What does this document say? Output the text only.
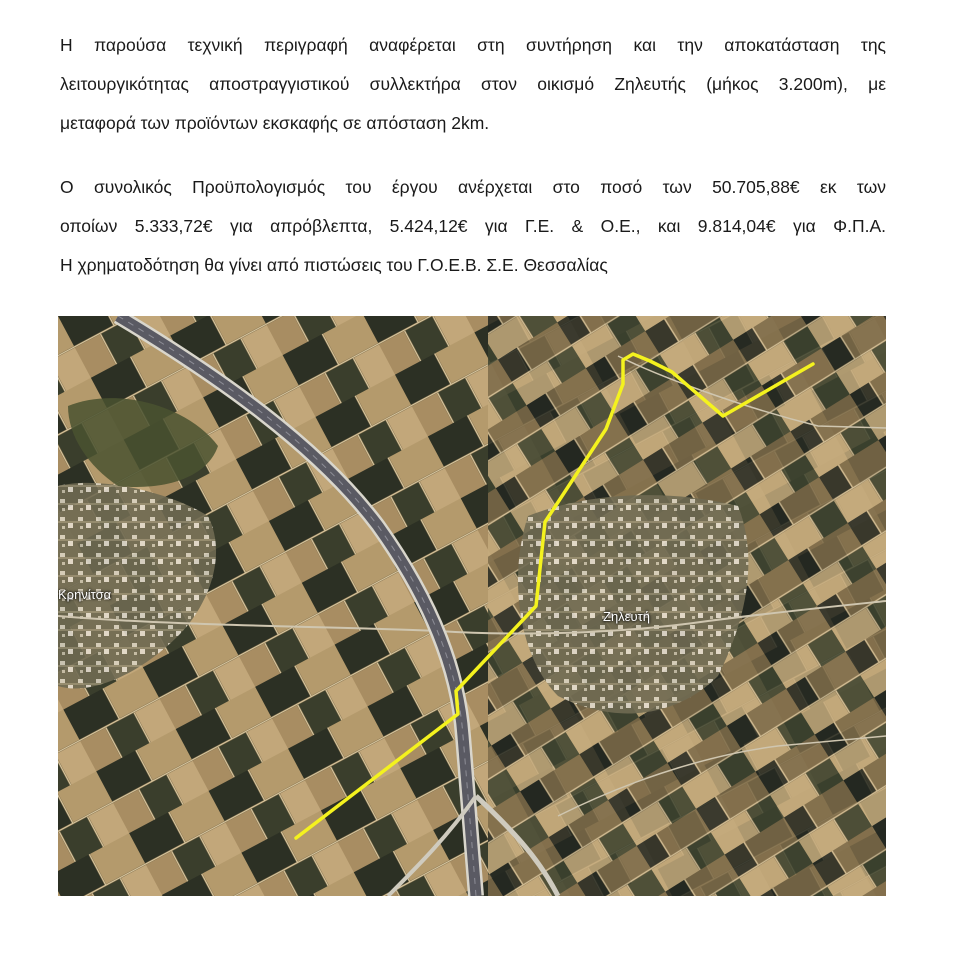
Η παρούσα τεχνική περιγραφή αναφέρεται στη συντήρηση και την αποκατάσταση της
λειτουργικότητας αποστραγγιστικού συλλεκτήρα στον οικισμό Ζηλευτής (μήκος 3.200m), με
μεταφορά των προϊόντων εκσκαφής σε απόσταση 2km.

Ο συνολικός Προϋπολογισμός του έργου ανέρχεται στο ποσό των 50.705,88€ εκ των
οποίων 5.333,72€ για απρόβλεπτα, 5.424,12€ για Γ.Ε. & Ο.Ε., και 9.814,04€ για Φ.Π.Α.
Η χρηματοδότηση θα γίνει από πιστώσεις του Γ.Ο.Ε.Β. Σ.Ε. Θεσσαλίας

Κρηνίτσα
Ζηλευτή
